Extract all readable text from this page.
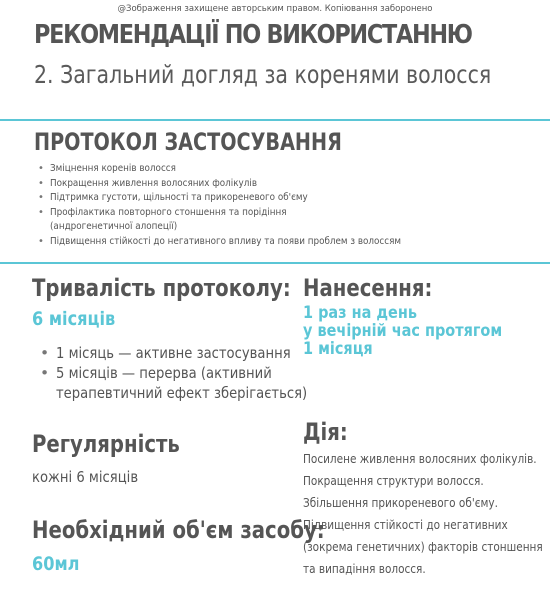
@Зображення захищене авторським правом. Копіювання заборонено
РЕКОМЕНДАЦІЇ ПО ВИКОРИСТАННЮ
2. Загальний догляд за коренями волосся
ПРОТОКОЛ ЗАСТОСУВАННЯ
• Зміцнення коренів волосся
• Покращення живлення волосяних фолікулів
• Підтримка густоти, щільності та прикореневого об'єму
• Профілактика повторного стоншення та порідіння
(андрогенетичної алопеції)
• Підвищення стійкості до негативного впливу та появи проблем з волоссям
Тривалість протоколу:
6 місяців
• 1 місяць — активне застосування
• 5 місяців — перерва (активний
терапевтичний ефект зберігається)
Регулярність
кожні 6 місяців
Необхідний об'єм засобу:
60мл
Нанесення:
1 раз на день
у вечірній час протягом
1 місяця
Дія:
Посилене живлення волосяних фолікулів.
Покращення структури волосся.
Збільшення прикореневого об'єму.
Підвищення стійкості до негативних
(зокрема генетичних) факторів стоншення
та випадіння волосся.
